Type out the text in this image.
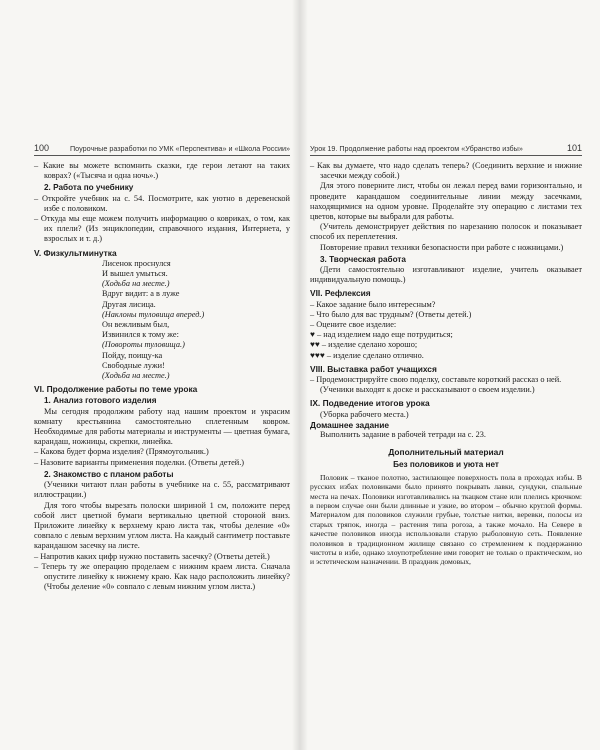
100	Поурочные разработки по УМК «Перспектива» и «Школа России»

– Какие вы можете вспомнить сказки, где герои летают на таких коврах? («Тысяча и одна ночь».)

2. Работа по учебнику

– Откройте учебник на с. 54. Посмотрите, как уютно в деревенской избе с половиком.

– Откуда мы еще можем получить информацию о ковриках, о том, как их плели? (Из энциклопедии, справочного издания, Интернета, у взрослых и т. д.)

V. Физкультминутка

Лисенок проснулся

И вышел умыться.

(Ходьба на месте.)

Вдруг видит: а в луже

Другая лисица.

(Наклоны туловища вперед.)

Он вежливым был,

Извинился к тому же:

(Повороты туловища.)

Пойду, поищу-ка

Свободные лужи!

(Ходьба на месте.)

VI. Продолжение работы по теме урока

1. Анализ готового изделия

Мы сегодня продолжим работу над нашим проектом и украсим комнату крестьянина самостоятельно сплетенным ковром. Необходимые для работы материалы и инструменты — цветная бумага, карандаш, ножницы, скрепки, линейка.

– Какова будет форма изделия? (Прямоугольник.)

– Назовите варианты применения поделки. (Ответы детей.)

2. Знакомство с планом работы

(Ученики читают план работы в учебнике на с. 55, рассматривают иллюстрации.)

Для того чтобы вырезать полоски шириной 1 см, положите перед собой лист цветной бумаги вертикально цветной стороной вниз. Приложите линейку к верхнему краю листа так, чтобы деление «0» совпало с левым верхним углом листа. На каждый сантиметр поставьте карандашом засечку на листе.

– Напротив каких цифр нужно поставить засечку? (Ответы детей.)

– Теперь ту же операцию проделаем с нижним краем листа. Сначала опустите линейку к нижнему краю. Как надо расположить линейку? (Чтобы деление «0» совпало с левым нижним углом листа.)

Урок 19. Продолжение работы над проектом «Убранство избы»	101

– Как вы думаете, что надо сделать теперь? (Соединить верхние и нижние засечки между собой.)

Для этого поверните лист, чтобы он лежал перед вами горизонтально, и проведите карандашом соединительные линии между засечками, находящимися на одном уровне. Проделайте эту операцию с листами тех цветов, которые вы выбрали для работы.

(Учитель демонстрирует действия по нарезанию полосок и показывает способ их переплетения.

Повторение правил техники безопасности при работе с ножницами.)

3. Творческая работа

(Дети самостоятельно изготавливают изделие, учитель оказывает индивидуальную помощь.)

VII. Рефлексия

– Какое задание было интересным?

– Что было для вас трудным? (Ответы детей.)

– Оцените свое изделие:

♥ – над изделием надо еще потрудиться;

♥♥ – изделие сделано хорошо;

♥♥♥ – изделие сделано отлично.

VIII. Выставка работ учащихся

– Продемонстрируйте свою поделку, составьте короткий рассказ о ней.

(Ученики выходят к доске и рассказывают о своем изделии.)

IX. Подведение итогов урока

(Уборка рабочего места.)

Домашнее задание

Выполнить задание в рабочей тетради на с. 23.

Дополнительный материал

Без половиков и уюта нет

Половик – тканое полотно, застилающее поверхность пола в проходах избы. В русских избах половиками было принято покрывать лавки, сундуки, спальные места на печах. Половики изготавливались на ткацком стане или плелись крючком: в первом случае они были длинные и узкие, во втором – обычно круглой формы. Материалом для половиков служили грубые, толстые нитки, веревки, полосы из старых тряпок, иногда – растения типа рогоза, а также мочало. На Севере в качестве половиков иногда использовали старую рыболовную сеть. Появление половиков в традиционном жилище связано со стремлением к поддержанию чистоты в избе, однако злоупотребление ими говорит не только о практическом, но и эстетическом назначении. В праздник домовых,
